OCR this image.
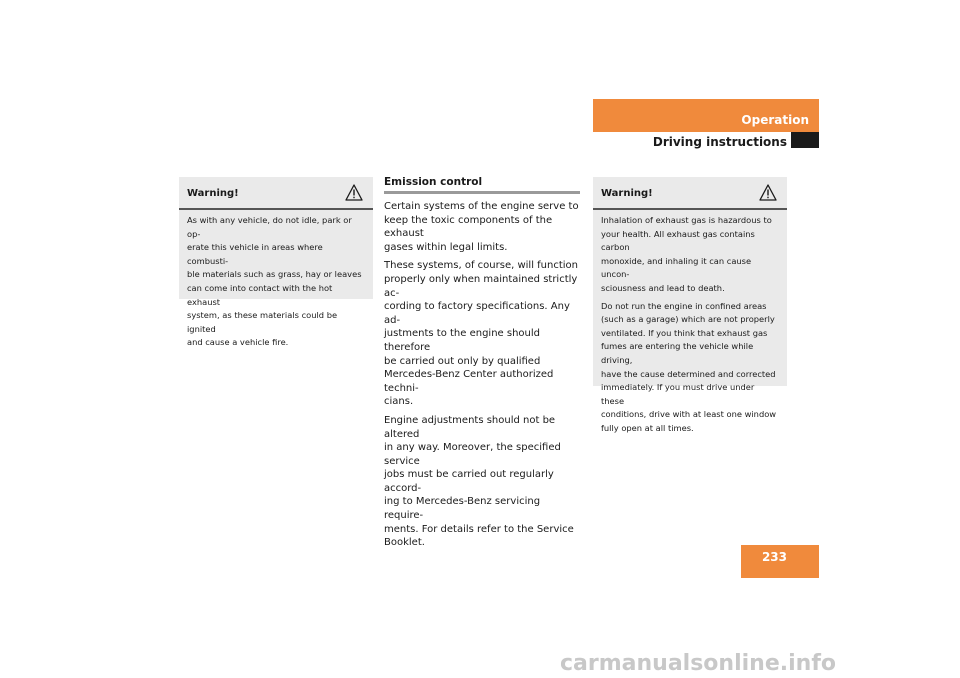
Operation
Driving instructions
Warning!
As with any vehicle, do not idle, park or op-
erate this vehicle in areas where combusti-
ble materials such as grass, hay or leaves
can come into contact with the hot exhaust
system, as these materials could be ignited
and cause a vehicle fire.
Emission control

Certain systems of the engine serve to
keep the toxic components of the exhaust
gases within legal limits.

These systems, of course, will function
properly only when maintained strictly ac-
cording to factory specifications. Any ad-
justments to the engine should therefore
be carried out only by qualified
Mercedes-Benz Center authorized techni-
cians.

Engine adjustments should not be altered
in any way. Moreover, the specified service
jobs must be carried out regularly accord-
ing to Mercedes-Benz servicing require-
ments. For details refer to the Service
Booklet.

Warning!

Inhalation of exhaust gas is hazardous to
your health. All exhaust gas contains carbon
monoxide, and inhaling it can cause uncon-
sciousness and lead to death.

Do not run the engine in confined areas
(such as a garage) which are not properly
ventilated. If you think that exhaust gas
fumes are entering the vehicle while driving,
have the cause determined and corrected
immediately. If you must drive under these
conditions, drive with at least one window
fully open at all times.

233
carmanualsonline.info
